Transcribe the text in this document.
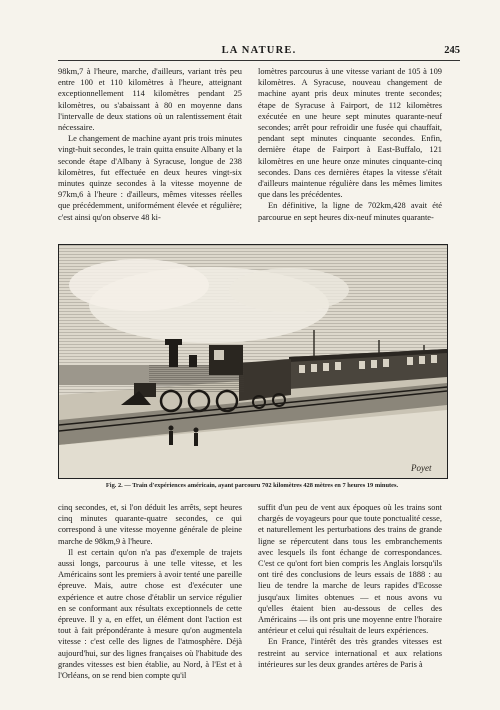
LA NATURE.	245

98km,7 à l'heure, marche, d'ailleurs, variant très peu entre 100 et 110 kilomètres à l'heure, atteignant exceptionnellement 114 kilomètres pendant 25 kilomètres, ou s'abaissant à 80 en moyenne dans l'intervalle de deux stations où un ralentissement était nécessaire.

Le changement de machine ayant pris trois minutes vingt-huit secondes, le train quitta ensuite Albany et la seconde étape d'Albany à Syracuse, longue de 238 kilomètres, fut effectuée en deux heures vingt-six minutes quinze secondes à la vitesse moyenne de 97km,6 à l'heure : d'ailleurs, mêmes vitesses réelles que précédemment, uniformément élevée et régulière; c'est ainsi qu'on observe 48 ki-

lomètres parcourus à une vitesse variant de 105 à 109 kilomètres. A Syracuse, nouveau changement de machine ayant pris deux minutes trente secondes; étape de Syracuse à Fairport, de 112 kilomètres exécutée en une heure sept minutes quarante-neuf secondes; arrêt pour refroidir une fusée qui chauffait, pendant sept minutes cinquante secondes. Enfin, dernière étape de Fairport à East-Buffalo, 121 kilomètres en une heure onze minutes cinquante-cinq secondes. Dans ces dernières étapes la vitesse s'était d'ailleurs maintenue régulière dans les mêmes limites que dans les précédentes.

En définitive, la ligne de 702km,428 avait été parcourue en sept heures dix-neuf minutes quarante-

Poyet
Fig. 2. — Train d'expériences américain, ayant parcouru 702 kilomètres 428 mètres en 7 heures 19 minutes.

cinq secondes, et, si l'on déduit les arrêts, sept heures cinq minutes quarante-quatre secondes, ce qui correspond à une vitesse moyenne générale de pleine marche de 98km,9 à l'heure.

Il est certain qu'on n'a pas d'exemple de trajets aussi longs, parcourus à une telle vitesse, et les Américains sont les premiers à avoir tenté une pareille épreuve. Mais, autre chose est d'exécuter une expérience et autre chose d'établir un service régulier en se conformant aux résultats exceptionnels de cette épreuve. Il y a, en effet, un élément dont l'action est tout à fait prépondérante à mesure qu'on augmentela vitesse : c'est celle des lignes de l'atmosphère. Déjà aujourd'hui, sur des lignes françaises où l'habitude des grandes vitesses est bien établie, au Nord, à l'Est et à l'Orléans, on se rend bien compte qu'il

suffit d'un peu de vent aux époques où les trains sont chargés de voyageurs pour que toute ponctualité cesse, et naturellement les perturbations des trains de grande ligne se répercutent dans tous les embranchements avec lesquels ils font échange de correspondances. C'est ce qu'ont fort bien compris les Anglais lorsqu'ils ont tiré des conclusions de leurs essais de 1888 : au lieu de tendre la marche de leurs rapides d'Ecosse jusqu'aux limites obtenues — et nous avons vu qu'elles étaient bien au-dessous de celles des Américains — ils ont pris une moyenne entre l'horaire antérieur et celui qui résultait de leurs expériences.

En France, l'intérêt des très grandes vitesses est restreint au service international et aux relations intérieures sur les deux grandes artères de Paris à
